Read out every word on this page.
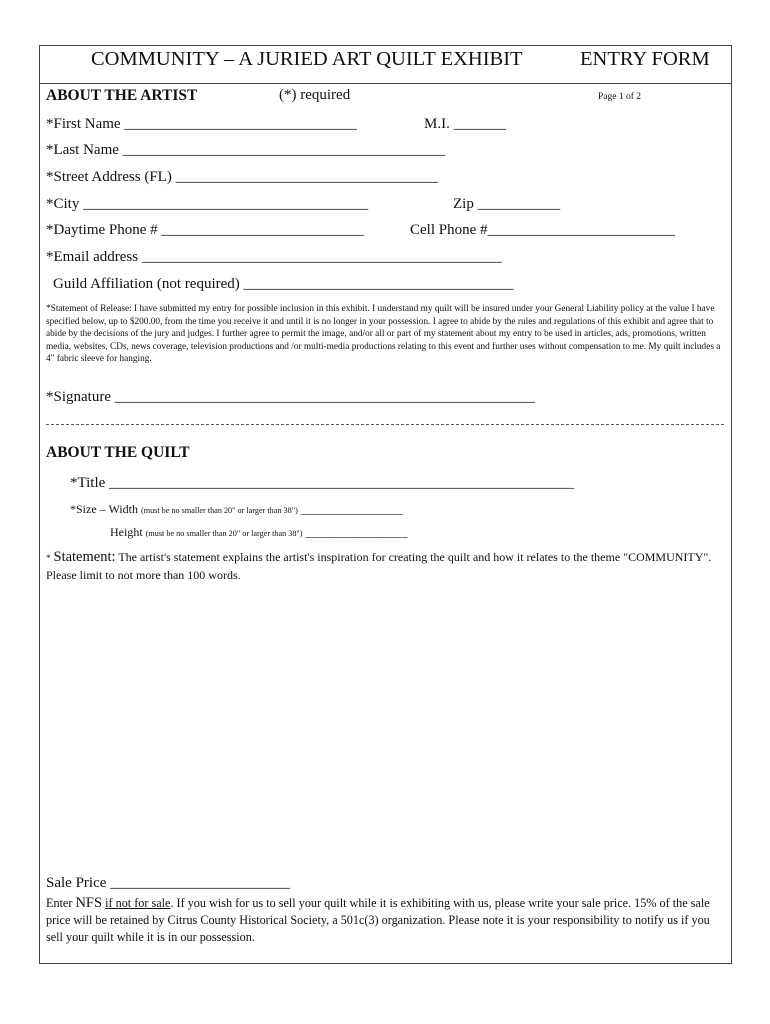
COMMUNITY – A JURIED ART QUILT EXHIBIT	ENTRY FORM
ABOUT THE ARTIST	(*) required	Page 1 of 2
*First Name _______________________________	M.I. _______
*Last Name ___________________________________________
*Street Address (FL) ___________________________________
*City ______________________________________	Zip ___________
*Daytime Phone # ___________________________	Cell Phone #_________________________
*Email address ________________________________________________
Guild Affiliation (not required) ____________________________________
*Statement of Release: I have submitted my entry for possible inclusion in this exhibit. I understand my quilt will be insured under your General Liability policy at the value I have specified below, up to $200.00, from the time you receive it and until it is no longer in your possession. I agree to abide by the rules and regulations of this exhibit and agree that to abide by the decisions of the jury and judges. I further agree to permit the image, and/or all or part of my statement about my entry to be used in articles, ads, promotions, written media, websites, CDs, news coverage, television productions and /or multi-media productions relating to this event and further uses without compensation to me. My quilt includes a 4" fabric sleeve for hanging.
*Signature ________________________________________________________
ABOUT THE QUILT
*Title ______________________________________________________________
*Size – Width (must be no smaller than 20" or larger than 38") _________________
Height (must be no smaller than 20" or larger than 38") _________________
* Statement: The artist's statement explains the artist's inspiration for creating the quilt and how it relates to the theme "COMMUNITY". Please limit to not more than 100 words.
Sale Price ________________________
Enter NFS if not for sale. If you wish for us to sell your quilt while it is exhibiting with us, please write your sale price. 15% of the sale price will be retained by Citrus County Historical Society, a 501c(3) organization. Please note it is your responsibility to notify us if you sell your quilt while it is in our possession.
